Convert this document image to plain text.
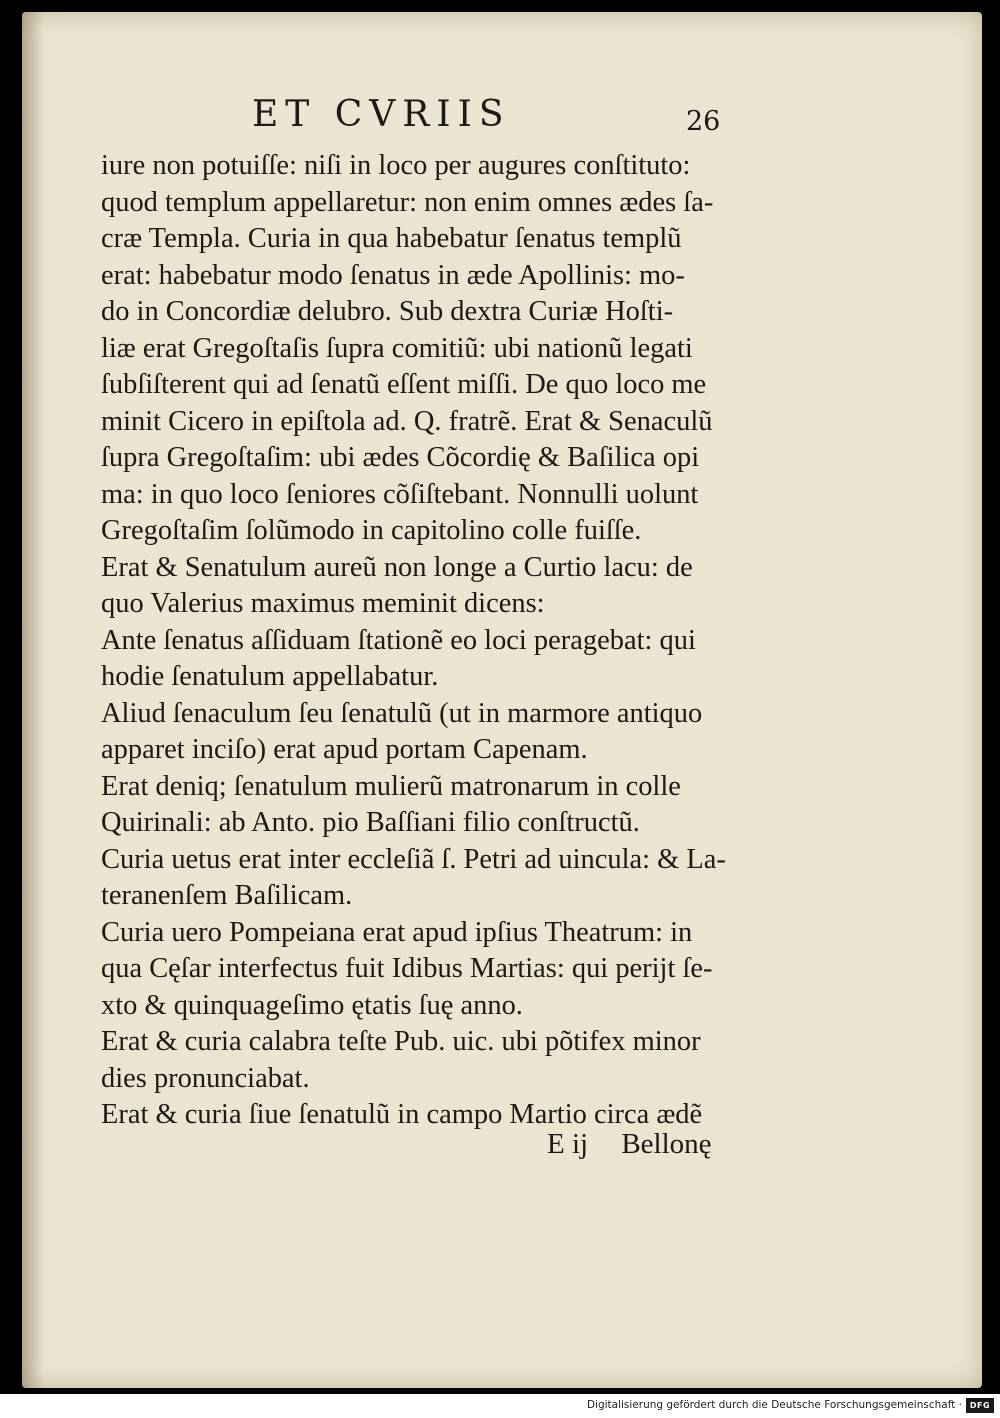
ET CVRIIS	26
iure non potuiſſe: niſi in loco per augures conſtituto:
quod templum appellaretur: non enim omnes ædes ſa-
cræ Templa. Curia in qua habebatur ſenatus templũ
erat: habebatur modo ſenatus in æde Apollinis: mo-
do in Concordiæ delubro. Sub dextra Curiæ Hoſti-
liæ erat Gregoſtaſis ſupra comitiũ: ubi nationũ legati
ſubſiſterent qui ad ſenatũ eſſent miſſi. De quo loco me
minit Cicero in epiſtola ad. Q. fratrẽ. Erat & Senaculũ
ſupra Gregoſtaſim: ubi ædes Cõcordię & Baſilica opi
ma: in quo loco ſeniores cõſiſtebant. Nonnulli uolunt
Gregoſtaſim ſolũmodo in capitolino colle fuiſſe.
Erat & Senatulum aureũ non longe a Curtio lacu: de
quo Valerius maximus meminit dicens:
Ante ſenatus aſſiduam ſtationẽ eo loci peragebat: qui
hodie ſenatulum appellabatur.
Aliud ſenaculum ſeu ſenatulũ (ut in marmore antiquo
apparet inciſo) erat apud portam Capenam.
Erat deniq; ſenatulum mulierũ matronarum in colle
Quirinali: ab Anto. pio Baſſiani filio conſtructũ.
Curia uetus erat inter eccleſiã ſ. Petri ad uincula: & La-
teranenſem Baſilicam.
Curia uero Pompeiana erat apud ipſius Theatrum: in
qua Cęſar interfectus fuit Idibus Martias: qui perijt ſe-
xto & quinquageſimo ętatis ſuę anno.
Erat & curia calabra teſte Pub. uic. ubi põtifex minor
dies pronunciabat.
Erat & curia ſiue ſenatulũ in campo Martio circa ædẽ
E ij Bellonę
Digitalisierung gefördert durch die Deutsche Forschungsgemeinschaft · DFG
